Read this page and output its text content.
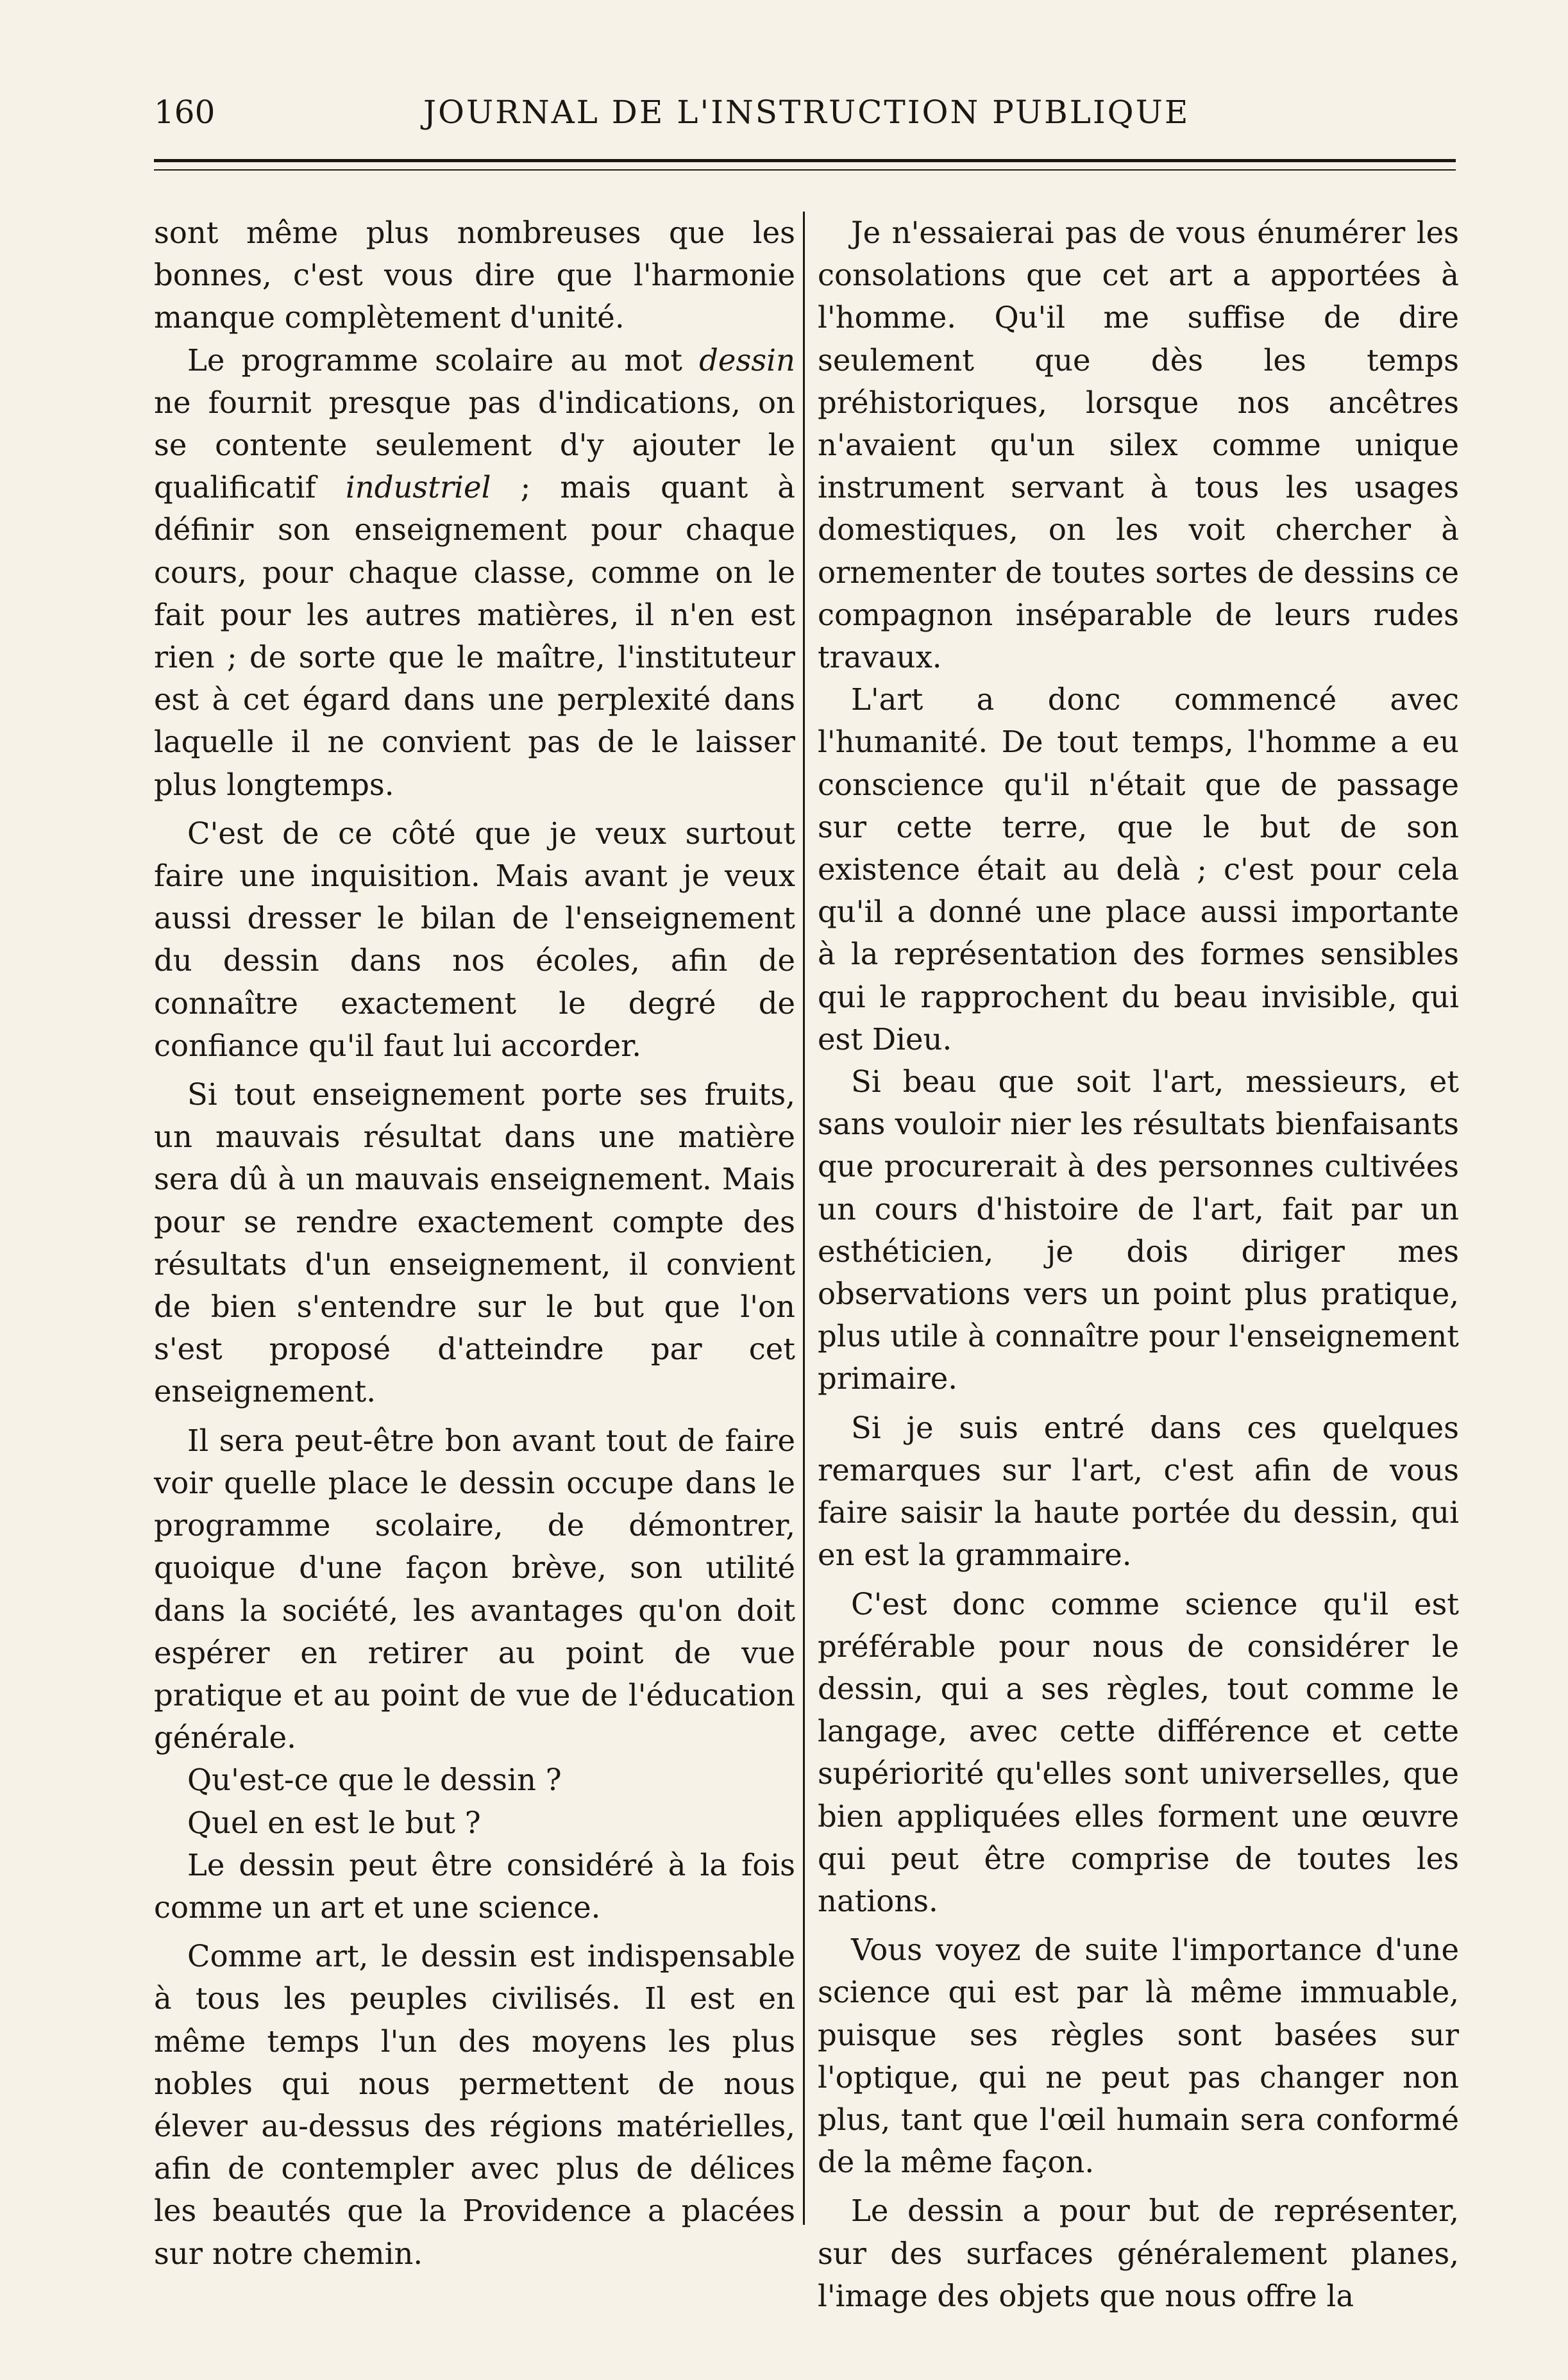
160	JOURNAL DE L'INSTRUCTION PUBLIQUE

sont même plus nombreuses que les bonnes, c'est vous dire que l'harmonie manque complètement d'unité.

Le programme scolaire au mot dessin ne fournit presque pas d'indications, on se contente seulement d'y ajouter le qualificatif industriel ; mais quant à définir son enseignement pour chaque cours, pour chaque classe, comme on le fait pour les autres matières, il n'en est rien ; de sorte que le maître, l'instituteur est à cet égard dans une perplexité dans laquelle il ne convient pas de le laisser plus longtemps.

C'est de ce côté que je veux surtout faire une inquisition. Mais avant je veux aussi dresser le bilan de l'enseignement du dessin dans nos écoles, afin de connaître exactement le degré de confiance qu'il faut lui accorder.

Si tout enseignement porte ses fruits, un mauvais résultat dans une matière sera dû à un mauvais enseignement. Mais pour se rendre exactement compte des résultats d'un enseignement, il convient de bien s'entendre sur le but que l'on s'est proposé d'atteindre par cet enseignement.

Il sera peut-être bon avant tout de faire voir quelle place le dessin occupe dans le programme scolaire, de démontrer, quoique d'une façon brève, son utilité dans la société, les avantages qu'on doit espérer en retirer au point de vue pratique et au point de vue de l'éducation générale.

Qu'est-ce que le dessin ?

Quel en est le but ?

Le dessin peut être considéré à la fois comme un art et une science.

Comme art, le dessin est indispensable à tous les peuples civilisés. Il est en même temps l'un des moyens les plus nobles qui nous permettent de nous élever au-dessus des régions matérielles, afin de contempler avec plus de délices les beautés que la Providence a placées sur notre chemin.

Je n'essaierai pas de vous énumérer les consolations que cet art a apportées à l'homme. Qu'il me suffise de dire seulement que dès les temps préhistoriques, lorsque nos ancêtres n'avaient qu'un silex comme unique instrument servant à tous les usages domestiques, on les voit chercher à ornementer de toutes sortes de dessins ce compagnon inséparable de leurs rudes travaux.

L'art a donc commencé avec l'humanité. De tout temps, l'homme a eu conscience qu'il n'était que de passage sur cette terre, que le but de son existence était au delà ; c'est pour cela qu'il a donné une place aussi importante à la représentation des formes sensibles qui le rapprochent du beau invisible, qui est Dieu.

Si beau que soit l'art, messieurs, et sans vouloir nier les résultats bienfaisants que procurerait à des personnes cultivées un cours d'histoire de l'art, fait par un esthéticien, je dois diriger mes observations vers un point plus pratique, plus utile à connaître pour l'enseignement primaire.

Si je suis entré dans ces quelques remarques sur l'art, c'est afin de vous faire saisir la haute portée du dessin, qui en est la grammaire.

C'est donc comme science qu'il est préférable pour nous de considérer le dessin, qui a ses règles, tout comme le langage, avec cette différence et cette supériorité qu'elles sont universelles, que bien appliquées elles forment une œuvre qui peut être comprise de toutes les nations.

Vous voyez de suite l'importance d'une science qui est par là même immuable, puisque ses règles sont basées sur l'optique, qui ne peut pas changer non plus, tant que l'œil humain sera conformé de la même façon.

Le dessin a pour but de représenter, sur des surfaces généralement planes, l'image des objets que nous offre la
